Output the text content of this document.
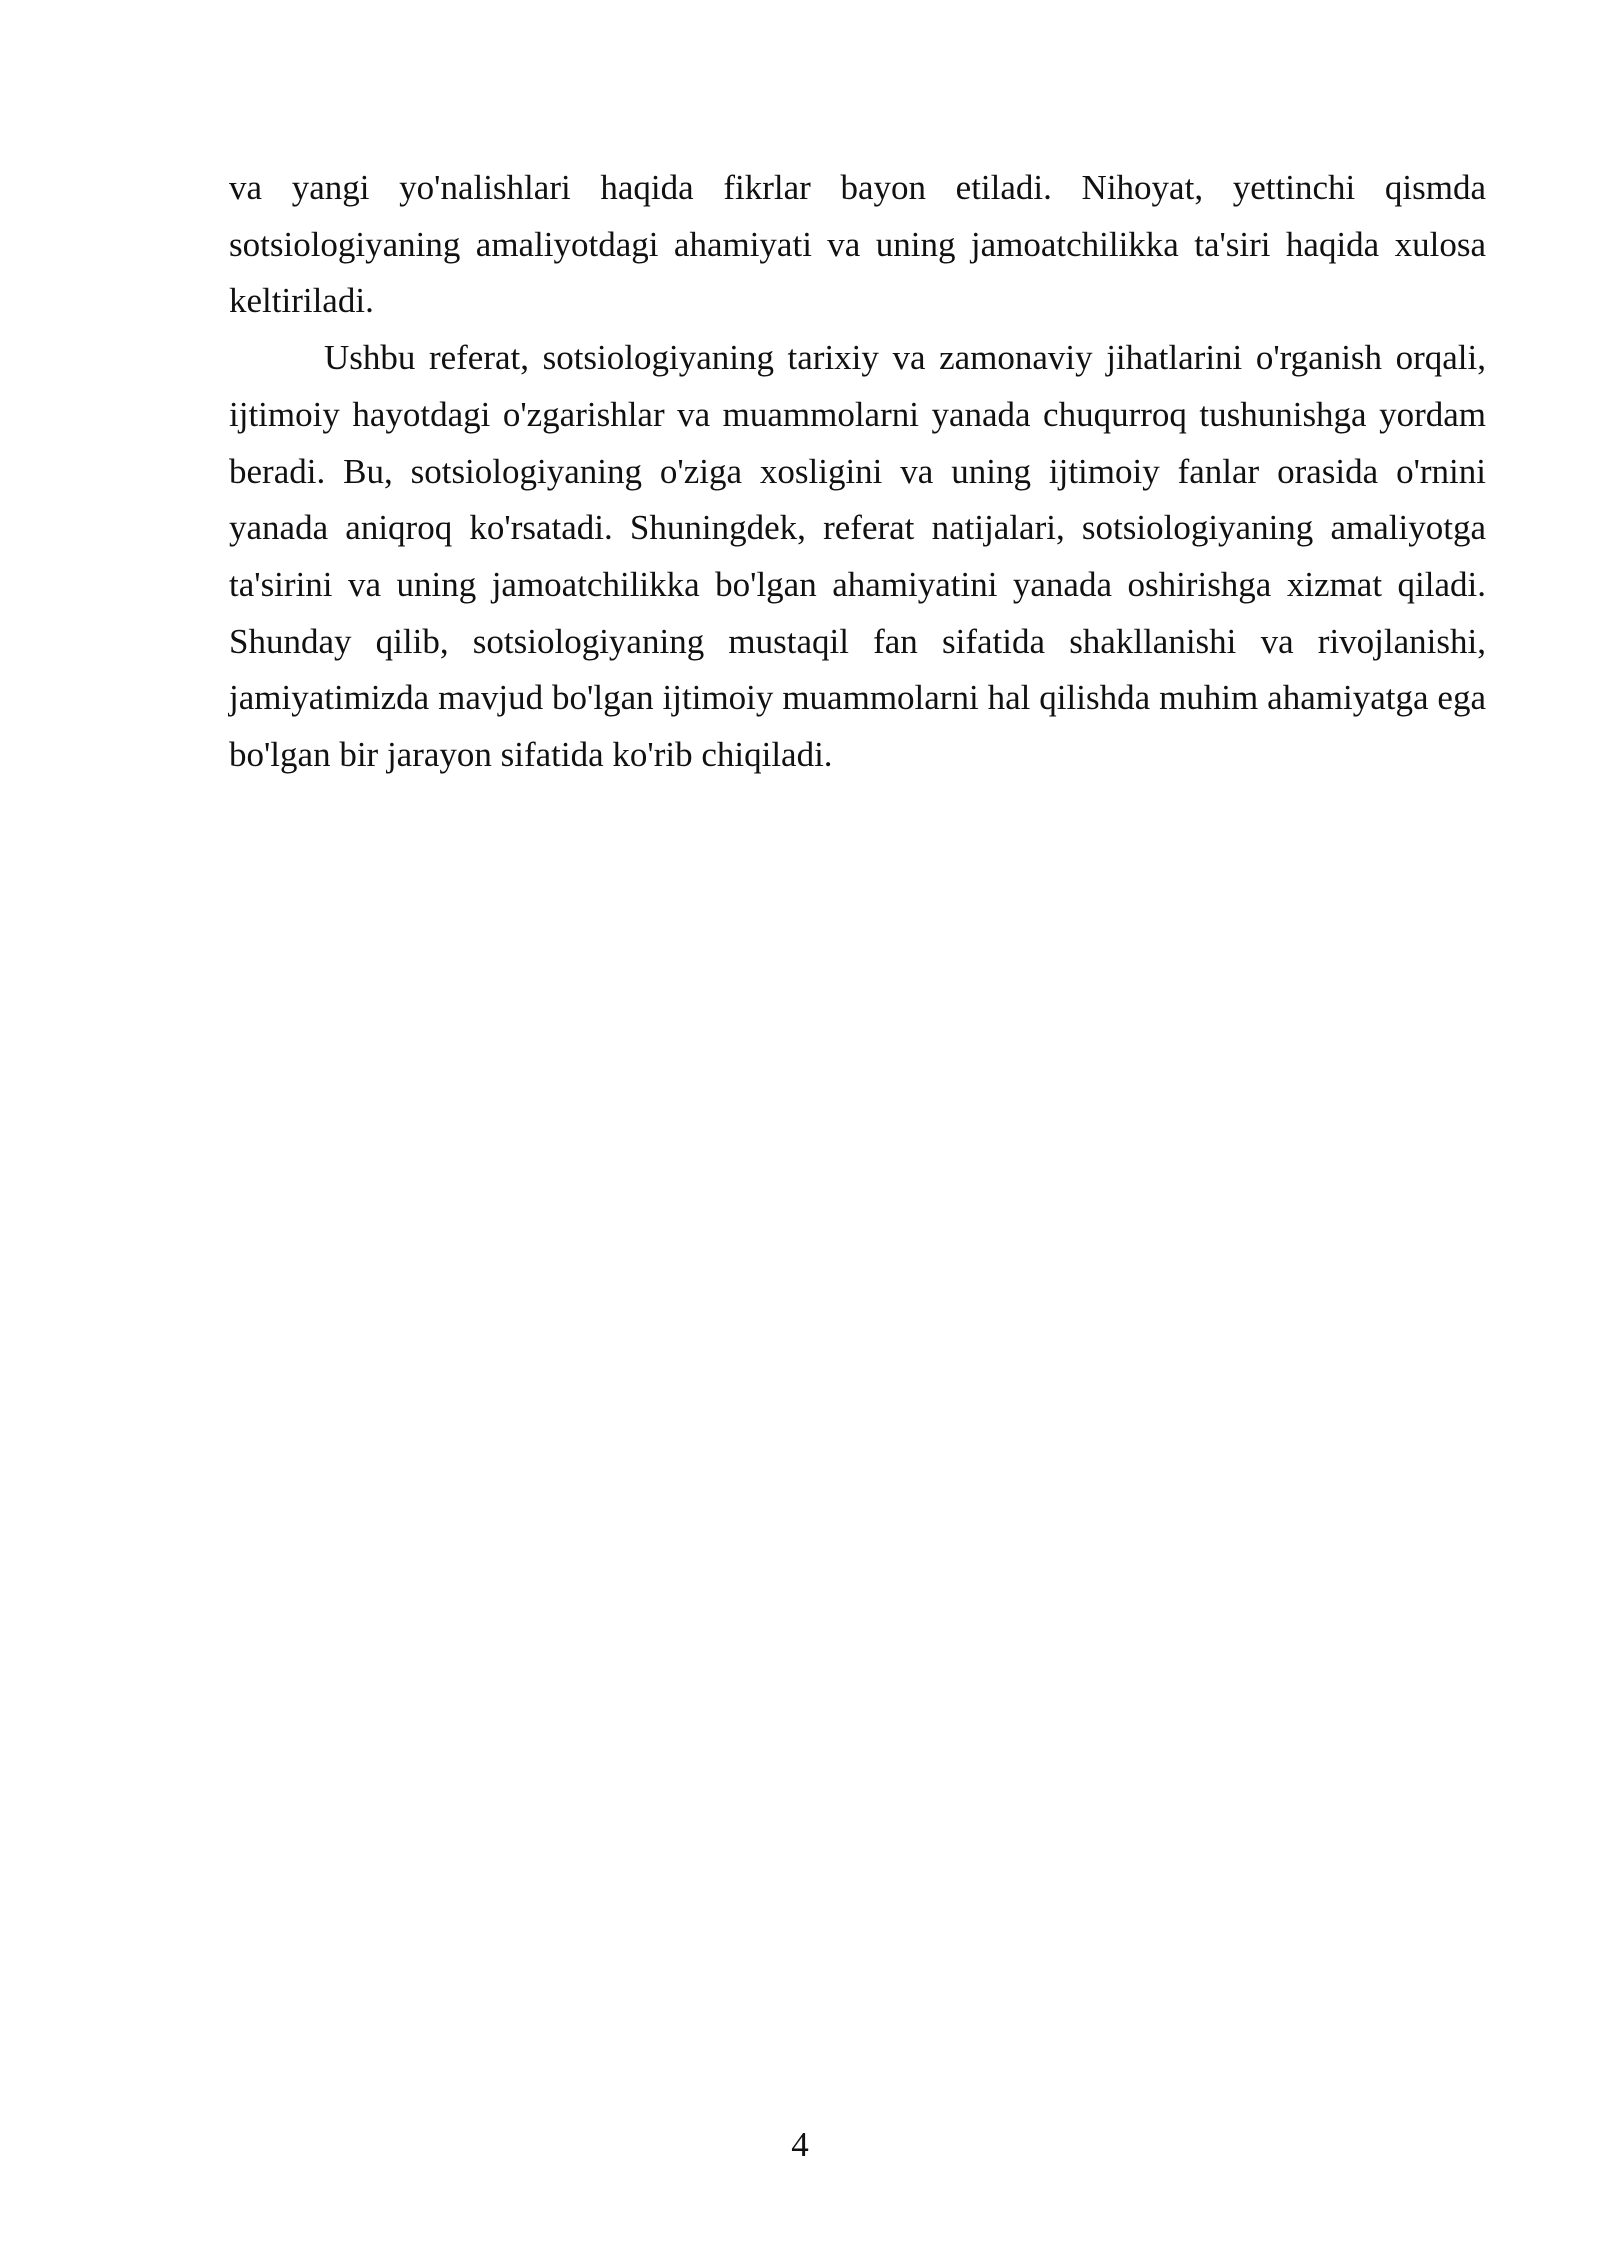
va yangi yo'nalishlari haqida fikrlar bayon etiladi. Nihoyat, yettinchi qismda sotsiologiyaning amaliyotdagi ahamiyati va uning jamoatchilikka ta'siri haqida xulosa keltiriladi.

Ushbu referat, sotsiologiyaning tarixiy va zamonaviy jihatlarini o'rganish orqali, ijtimoiy hayotdagi o'zgarishlar va muammolarni yanada chuqurroq tushunishga yordam beradi. Bu, sotsiologiyaning o'ziga xosligini va uning ijtimoiy fanlar orasida o'rnini yanada aniqroq ko'rsatadi. Shuningdek, referat natijalari, sotsiologiyaning amaliyotga ta'sirini va uning jamoatchilikka bo'lgan ahamiyatini yanada oshirishga xizmat qiladi. Shunday qilib, sotsiologiyaning mustaqil fan sifatida shakllanishi va rivojlanishi, jamiyatimizda mavjud bo'lgan ijtimoiy muammolarni hal qilishda muhim ahamiyatga ega bo'lgan bir jarayon sifatida ko'rib chiqiladi.

4
